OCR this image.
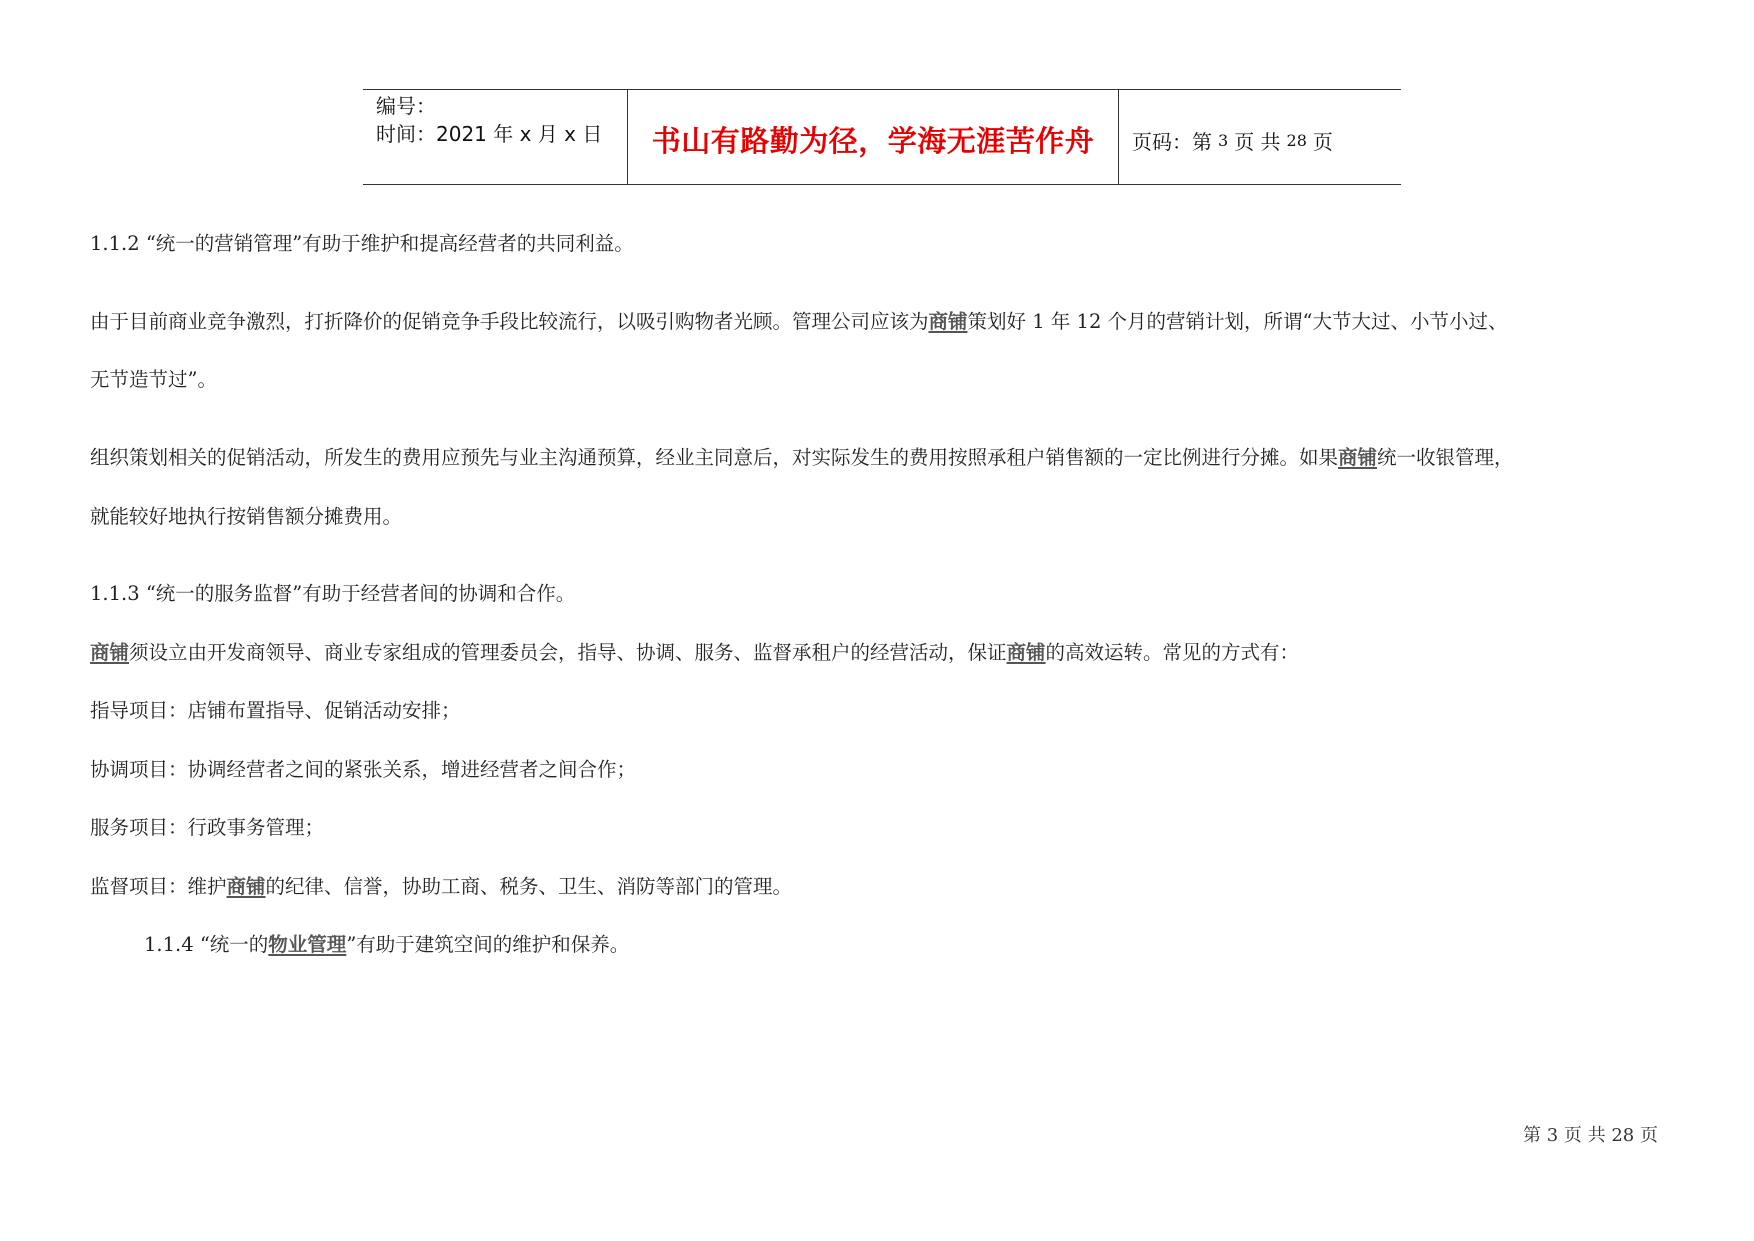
编号：
时间：2021 年 x 月 x 日	书山有路勤为径，学海无涯苦作舟 页码：第 3 页 共 28 页
1.1.2 “统一的营销管理”有助于维护和提高经营者的共同利益。
由于目前商业竞争激烈，打折降价的促销竞争手段比较流行，以吸引购物者光顾。管理公司应该为商铺策划好 1 年 12 个月的营销计划，所谓“大节大过、小节小过、
无节造节过”。
组织策划相关的促销活动，所发生的费用应预先与业主沟通预算，经业主同意后，对实际发生的费用按照承租户销售额的一定比例进行分摊。如果商铺统一收银管理，
就能较好地执行按销售额分摊费用。
1.1.3 “统一的服务监督”有助于经营者间的协调和合作。
商铺须设立由开发商领导、商业专家组成的管理委员会，指导、协调、服务、监督承租户的经营活动，保证商铺的高效运转。常见的方式有：
指导项目：店铺布置指导、促销活动安排；
协调项目：协调经营者之间的紧张关系，增进经营者之间合作；
服务项目：行政事务管理；
监督项目：维护商铺的纪律、信誉，协助工商、税务、卫生、消防等部门的管理。
1.1.4 “统一的物业管理”有助于建筑空间的维护和保养。
第 3 页 共 28 页
